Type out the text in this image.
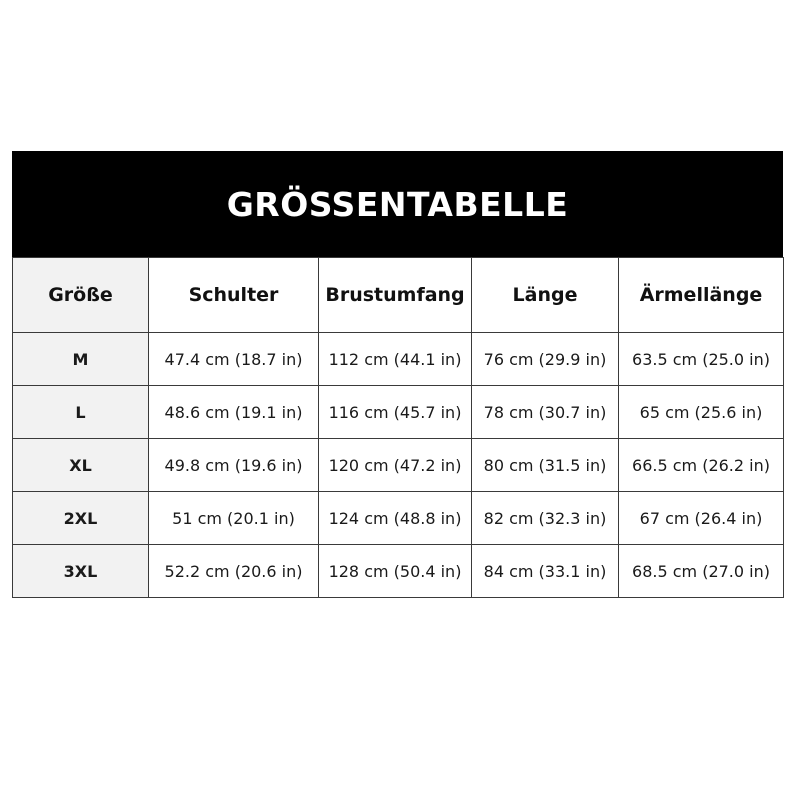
GRÖSSENTABELLE
Größe	Schulter	Brustumfang	Länge	Ärmellänge
M	47.4 cm (18.7 in)	112 cm (44.1 in)	76 cm (29.9 in)	63.5 cm (25.0 in)
L	48.6 cm (19.1 in)	116 cm (45.7 in)	78 cm (30.7 in)	65 cm (25.6 in)
XL	49.8 cm (19.6 in)	120 cm (47.2 in)	80 cm (31.5 in)	66.5 cm (26.2 in)
2XL	51 cm (20.1 in)	124 cm (48.8 in)	82 cm (32.3 in)	67 cm (26.4 in)
3XL	52.2 cm (20.6 in)	128 cm (50.4 in)	84 cm (33.1 in)	68.5 cm (27.0 in)
